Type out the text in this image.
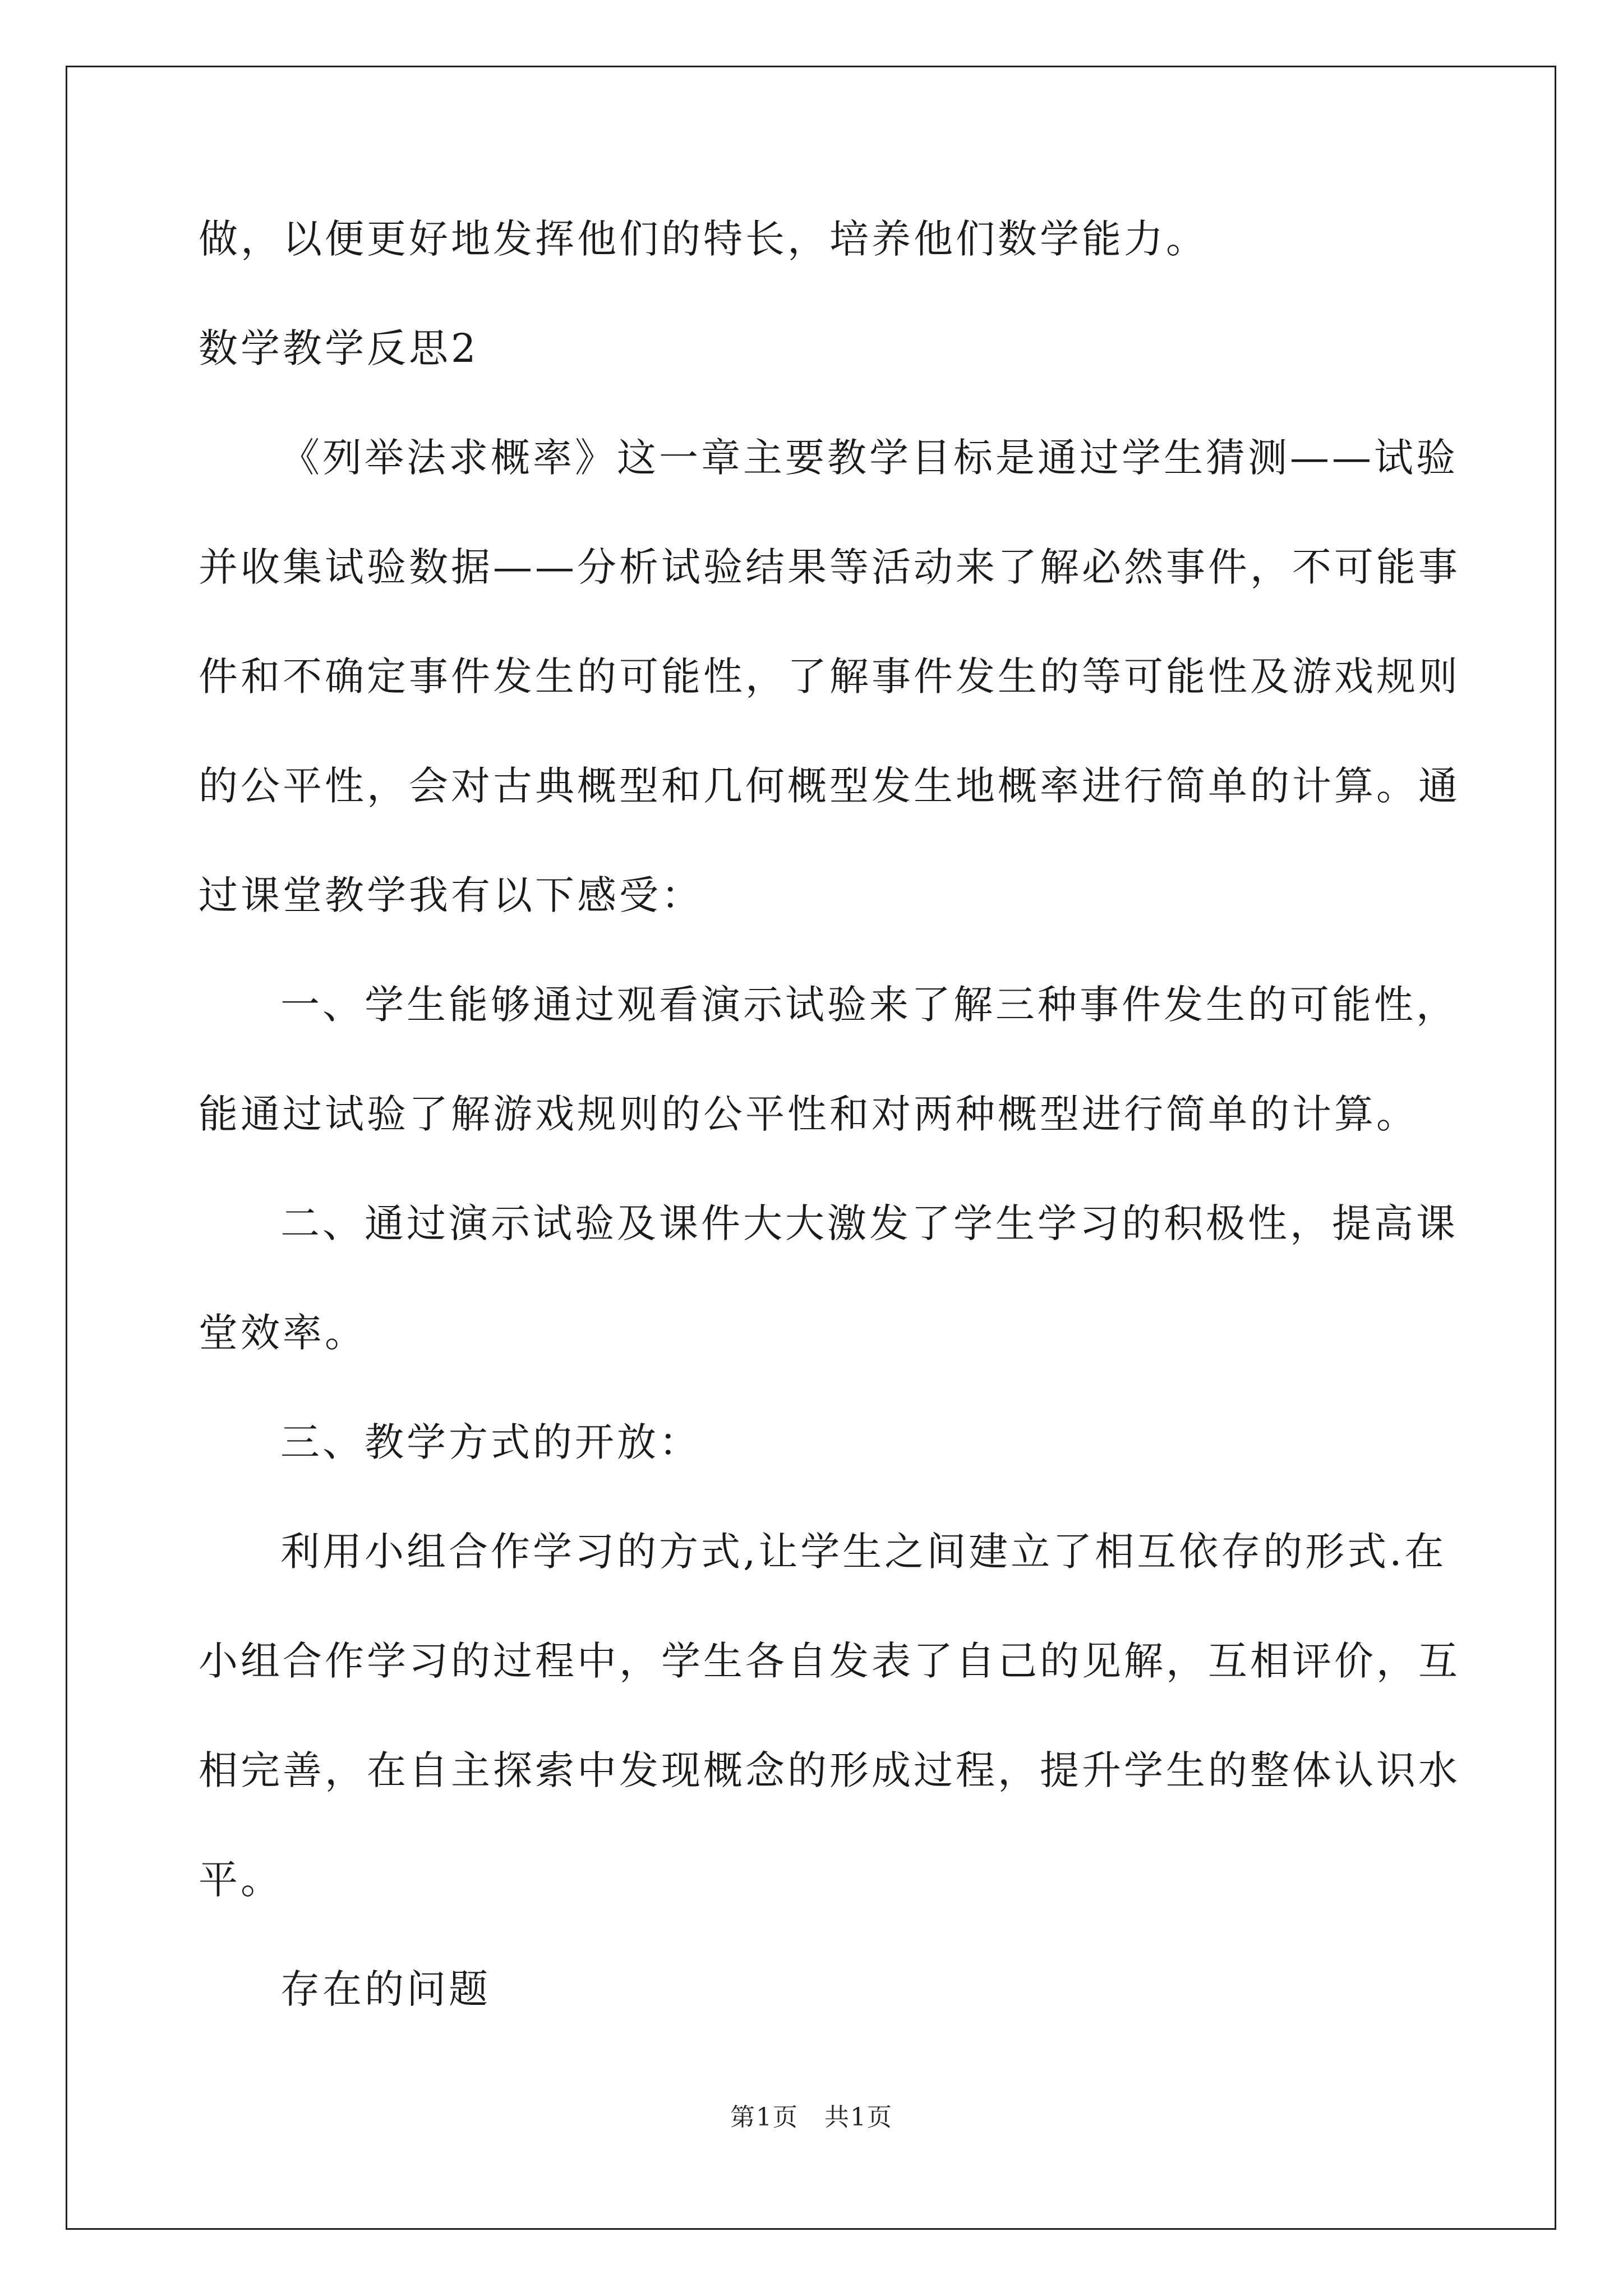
做，以便更好地发挥他们的特长，培养他们数学能力。
数学教学反思2
《列举法求概率》这一章主要教学目标是通过学生猜测——试验
并收集试验数据——分析试验结果等活动来了解必然事件，不可能事
件和不确定事件发生的可能性，了解事件发生的等可能性及游戏规则
的公平性，会对古典概型和几何概型发生地概率进行简单的计算。通
过课堂教学我有以下感受：
一、学生能够通过观看演示试验来了解三种事件发生的可能性，
能通过试验了解游戏规则的公平性和对两种概型进行简单的计算。
二、通过演示试验及课件大大激发了学生学习的积极性，提高课
堂效率。
三、教学方式的开放：
利用小组合作学习的方式,让学生之间建立了相互依存的形式.在
小组合作学习的过程中，学生各自发表了自己的见解，互相评价，互
相完善，在自主探索中发现概念的形成过程，提升学生的整体认识水
平。
存在的问题
第1页　共1页
